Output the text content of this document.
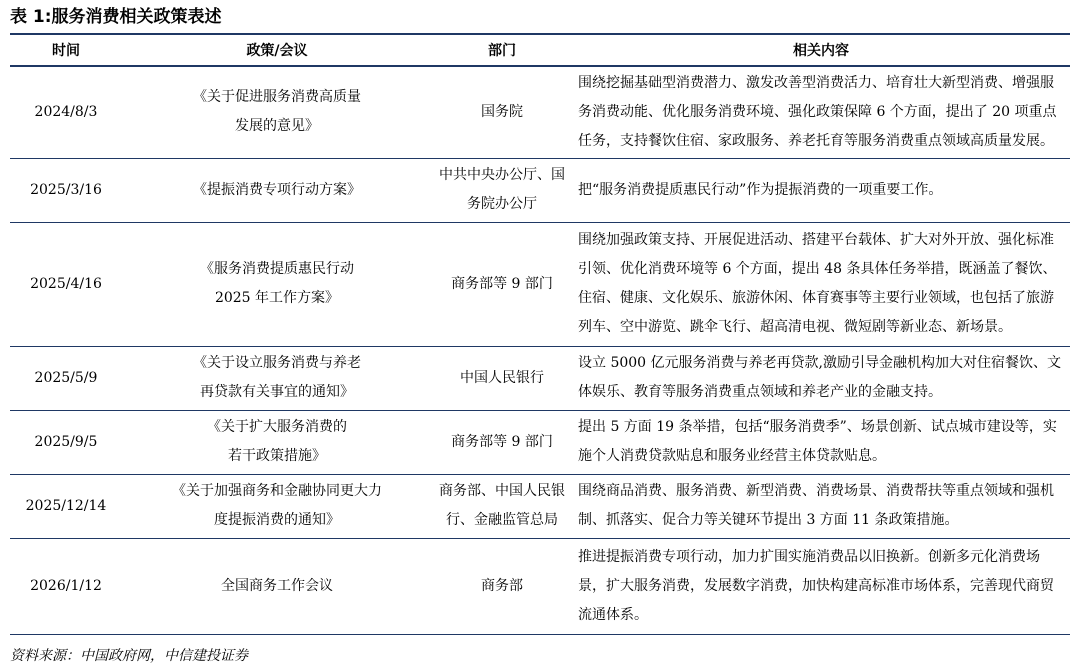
表 1:服务消费相关政策表述
时间	政策/会议	部门	相关内容
2024/8/3	《关于促进服务消费高质量发展的意见》	国务院	围绕挖掘基础型消费潜力、激发改善型消费活力、培育壮大新型消费、增强服务消费动能、优化服务消费环境、强化政策保障 6 个方面，提出了 20 项重点任务，支持餐饮住宿、家政服务、养老托育等服务消费重点领域高质量发展。
2025/3/16	《提振消费专项行动方案》	中共中央办公厅、国务院办公厅	把“服务消费提质惠民行动”作为提振消费的一项重要工作。
2025/4/16	《服务消费提质惠民行动 2025 年工作方案》	商务部等 9 部门	围绕加强政策支持、开展促进活动、搭建平台载体、扩大对外开放、强化标准引领、优化消费环境等 6 个方面，提出 48 条具体任务举措，既涵盖了餐饮、住宿、健康、文化娱乐、旅游休闲、体育赛事等主要行业领域，也包括了旅游列车、空中游览、跳伞飞行、超高清电视、微短剧等新业态、新场景。
2025/5/9	《关于设立服务消费与养老再贷款有关事宜的通知》	中国人民银行	设立 5000 亿元服务消费与养老再贷款,激励引导金融机构加大对住宿餐饮、文体娱乐、教育等服务消费重点领域和养老产业的金融支持。
2025/9/5	《关于扩大服务消费的若干政策措施》	商务部等 9 部门	提出 5 方面 19 条举措，包括“服务消费季”、场景创新、试点城市建设等，实施个人消费贷款贴息和服务业经营主体贷款贴息。
2025/12/14	《关于加强商务和金融协同更大力度提振消费的通知》	商务部、中国人民银行、金融监管总局	围绕商品消费、服务消费、新型消费、消费场景、消费帮扶等重点领域和强机制、抓落实、促合力等关键环节提出 3 方面 11 条政策措施。
2026/1/12	全国商务工作会议	商务部	推进提振消费专项行动，加力扩围实施消费品以旧换新。创新多元化消费场景，扩大服务消费，发展数字消费，加快构建高标准市场体系，完善现代商贸流通体系。
资料来源：中国政府网，中信建投证券
